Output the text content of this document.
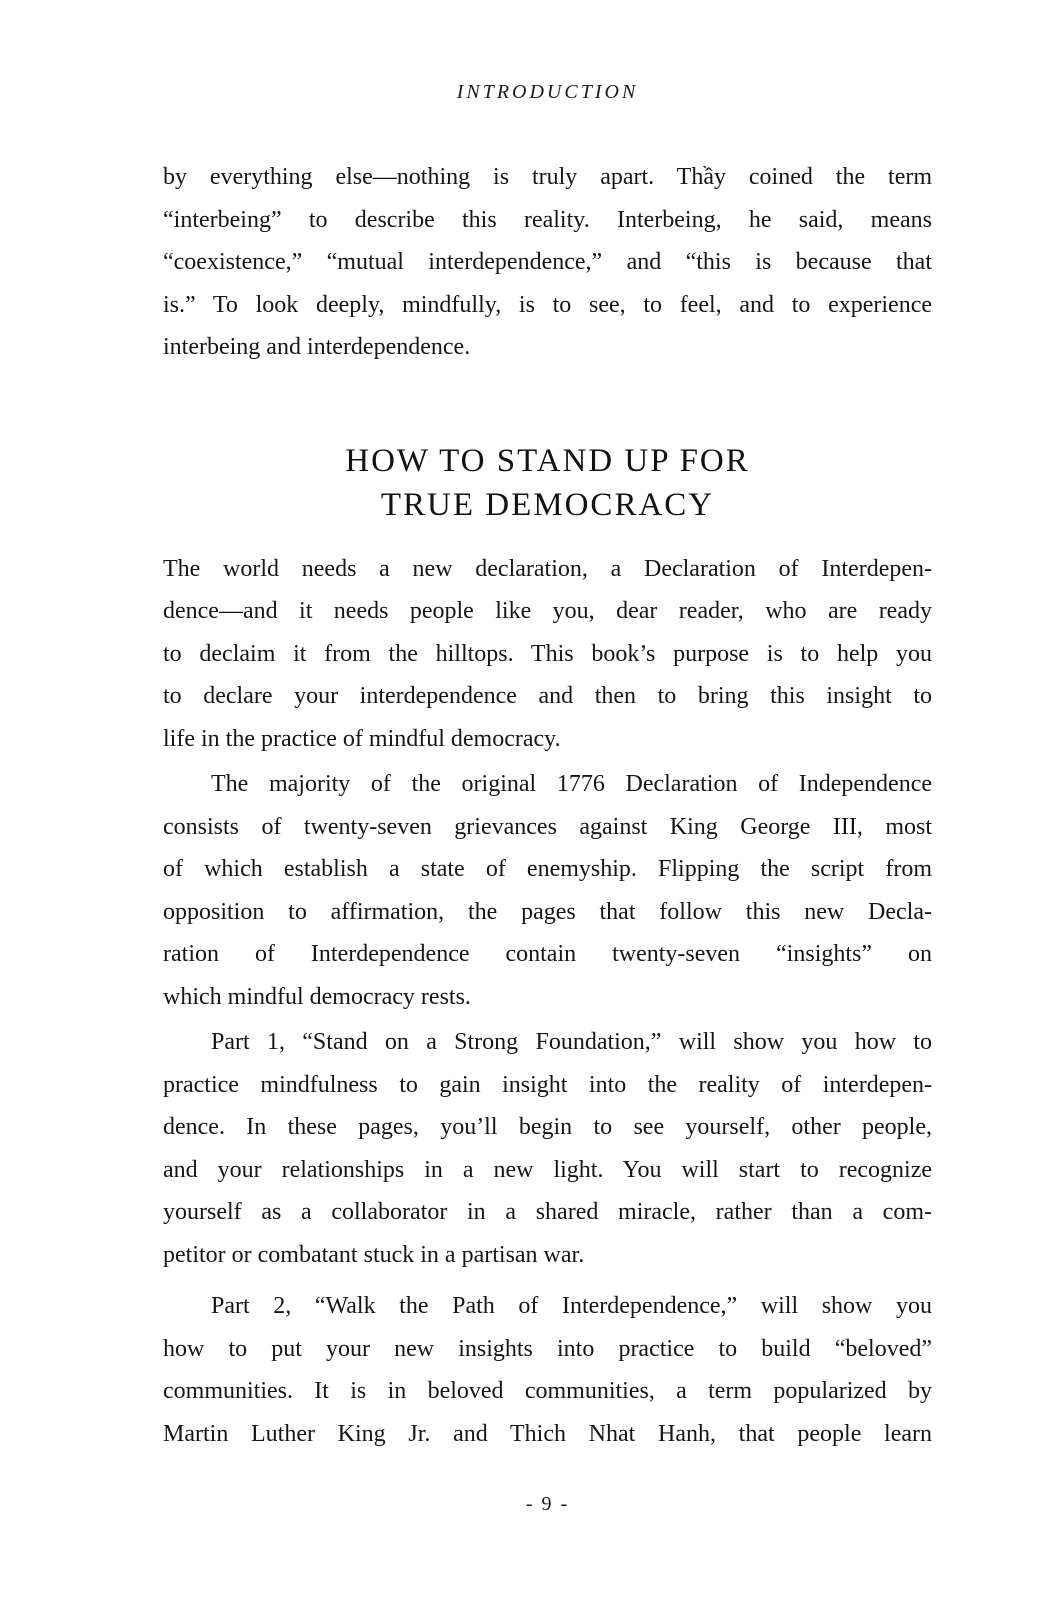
INTRODUCTION

by everything else—nothing is truly apart. Thầy coined the term
“interbeing” to describe this reality. Interbeing, he said, means
“coexistence,” “mutual interdependence,” and “this is because that
is.” To look deeply, mindfully, is to see, to feel, and to experience
interbeing and interdependence.

HOW TO STAND UP FOR
TRUE DEMOCRACY

The world needs a new declaration, a Declaration of Interdepen-
dence—and it needs people like you, dear reader, who are ready
to declaim it from the hilltops. This book’s purpose is to help you
to declare your interdependence and then to bring this insight to
life in the practice of mindful democracy.

The majority of the original 1776 Declaration of Independence
consists of twenty-seven grievances against King George III, most
of which establish a state of enemyship. Flipping the script from
opposition to affirmation, the pages that follow this new Decla-
ration of Interdependence contain twenty-seven “insights” on
which mindful democracy rests.

Part 1, “Stand on a Strong Foundation,” will show you how to
practice mindfulness to gain insight into the reality of interdepen-
dence. In these pages, you’ll begin to see yourself, other people,
and your relationships in a new light. You will start to recognize
yourself as a collaborator in a shared miracle, rather than a com-
petitor or combatant stuck in a partisan war.

Part 2, “Walk the Path of Interdependence,” will show you
how to put your new insights into practice to build “beloved”
communities. It is in beloved communities, a term popularized by
Martin Luther King Jr. and Thich Nhat Hanh, that people learn

- 9 -
